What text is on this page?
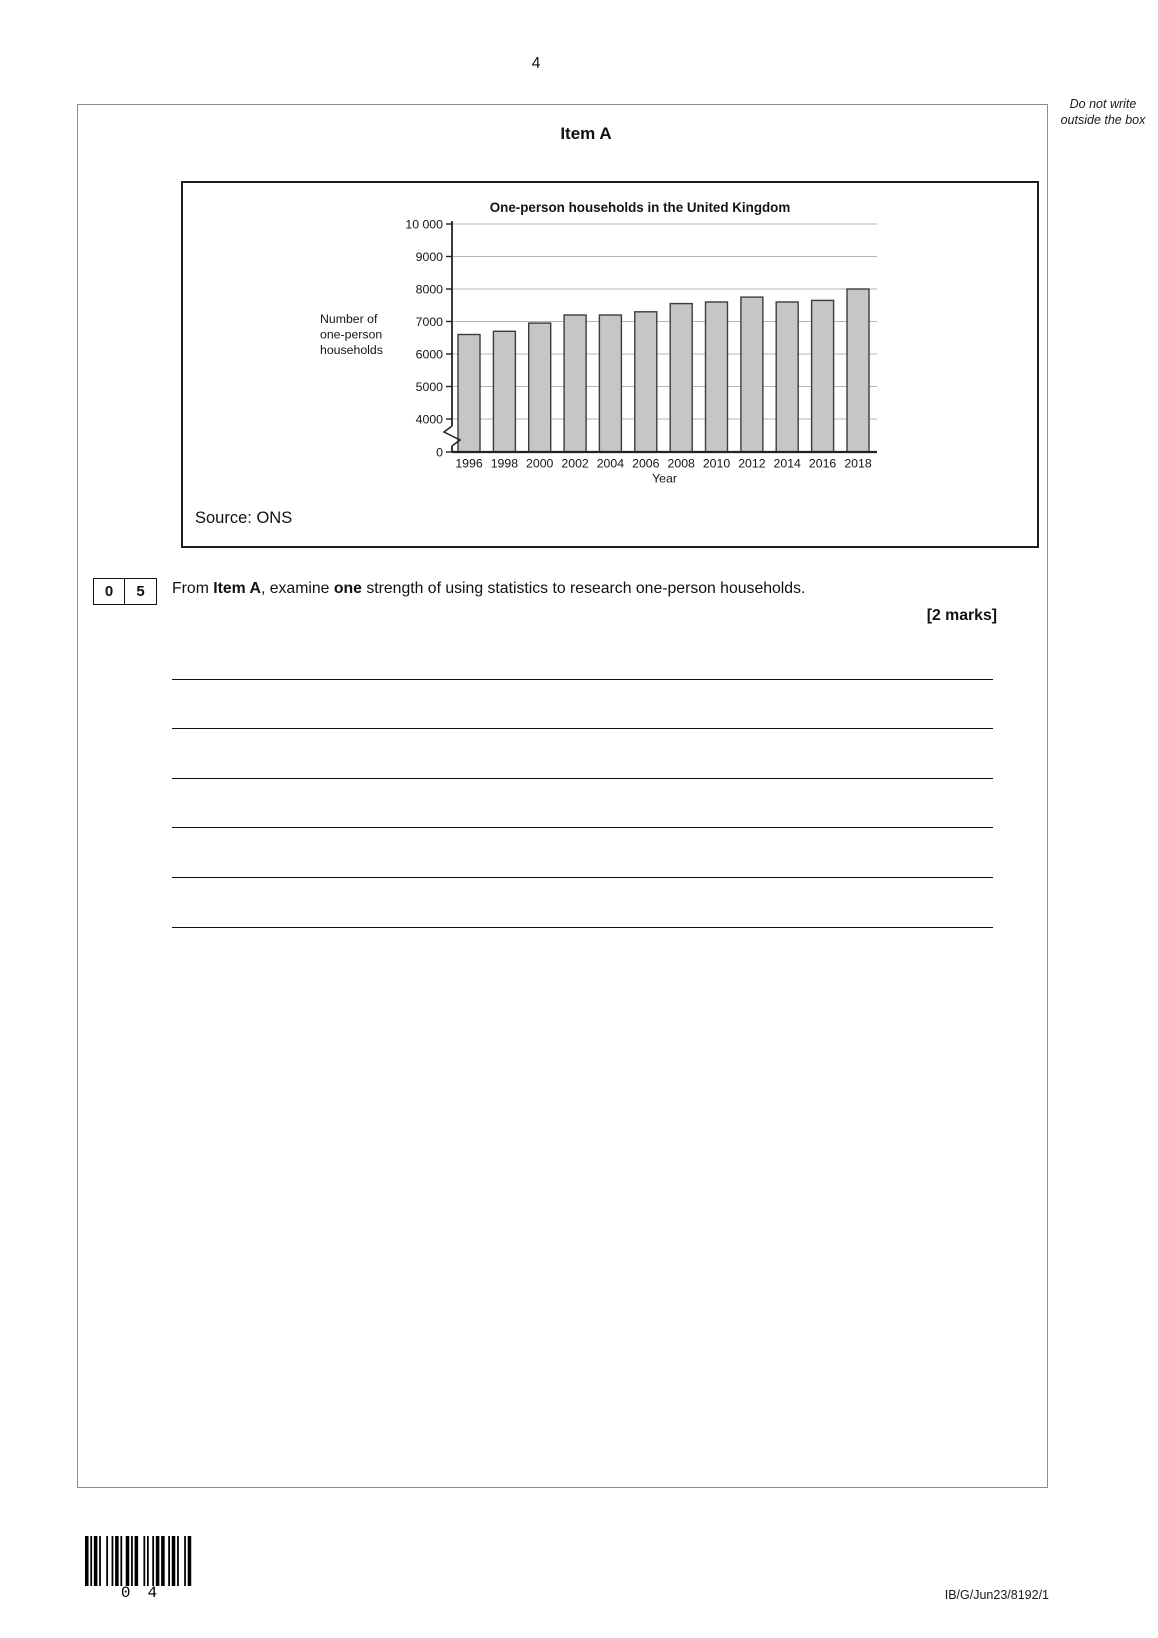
4
Do not write outside the box
Item A
0
4000
5000
6000
7000
8000
9000
10 000
1996 1998 2000 2002 2004 2006 2008 2010 2012 2014 2016 2018
One-person households in the United Kingdom
Year
Number of
one-person
households
Source: ONS
0	5	From Item A, examine one strength of using statistics to research one-person households.
[2 marks]
0 4	IB/G/Jun23/8192/1
